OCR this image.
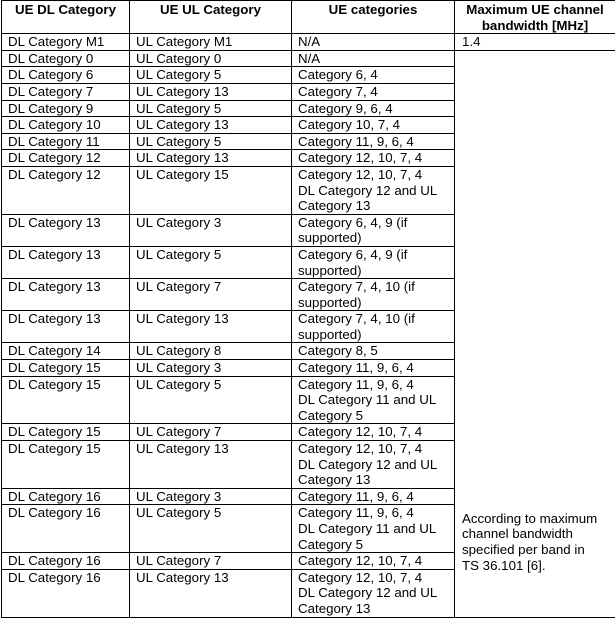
UE DL Category	UE UL Category	UE categories	Maximum UE channel
bandwidth [MHz]
DL Category M1	UL Category M1	N/A	1.4
DL Category 0	UL Category 0	N/A	According to maximum
channel bandwidth
specified per band in
TS 36.101 [6].

DL Category 6	UL Category 5	Category 6, 4	

DL Category 7	UL Category 13	Category 7, 4	

DL Category 9	UL Category 5	Category 9, 6, 4	

DL Category 10	UL Category 13	Category 10, 7, 4	

DL Category 11	UL Category 5	Category 11, 9, 6, 4	

DL Category 12	UL Category 13	Category 12, 10, 7, 4	

DL Category 12	UL Category 15	Category 12, 10, 7, 4
DL Category 12 and UL
Category 13	

DL Category 13	UL Category 3	Category 6, 4, 9 (if
supported)	

DL Category 13	UL Category 5	Category 6, 4, 9 (if
supported)	

DL Category 13	UL Category 7	Category 7, 4, 10 (if
supported)	

DL Category 13	UL Category 13	Category 7, 4, 10 (if
supported)	

DL Category 14	UL Category 8	Category 8, 5	

DL Category 15	UL Category 3	Category 11, 9, 6, 4	

DL Category 15	UL Category 5	Category 11, 9, 6, 4
DL Category 11 and UL
Category 5	

DL Category 15	UL Category 7	Category 12, 10, 7, 4	

DL Category 15	UL Category 13	Category 12, 10, 7, 4
DL Category 12 and UL
Category 13	

DL Category 16	UL Category 3	Category 11, 9, 6, 4	

DL Category 16	UL Category 5	Category 11, 9, 6, 4
DL Category 11 and UL
Category 5	

DL Category 16	UL Category 7	Category 12, 10, 7, 4	

DL Category 16	UL Category 13	Category 12, 10, 7, 4
DL Category 12 and UL
Category 13	
